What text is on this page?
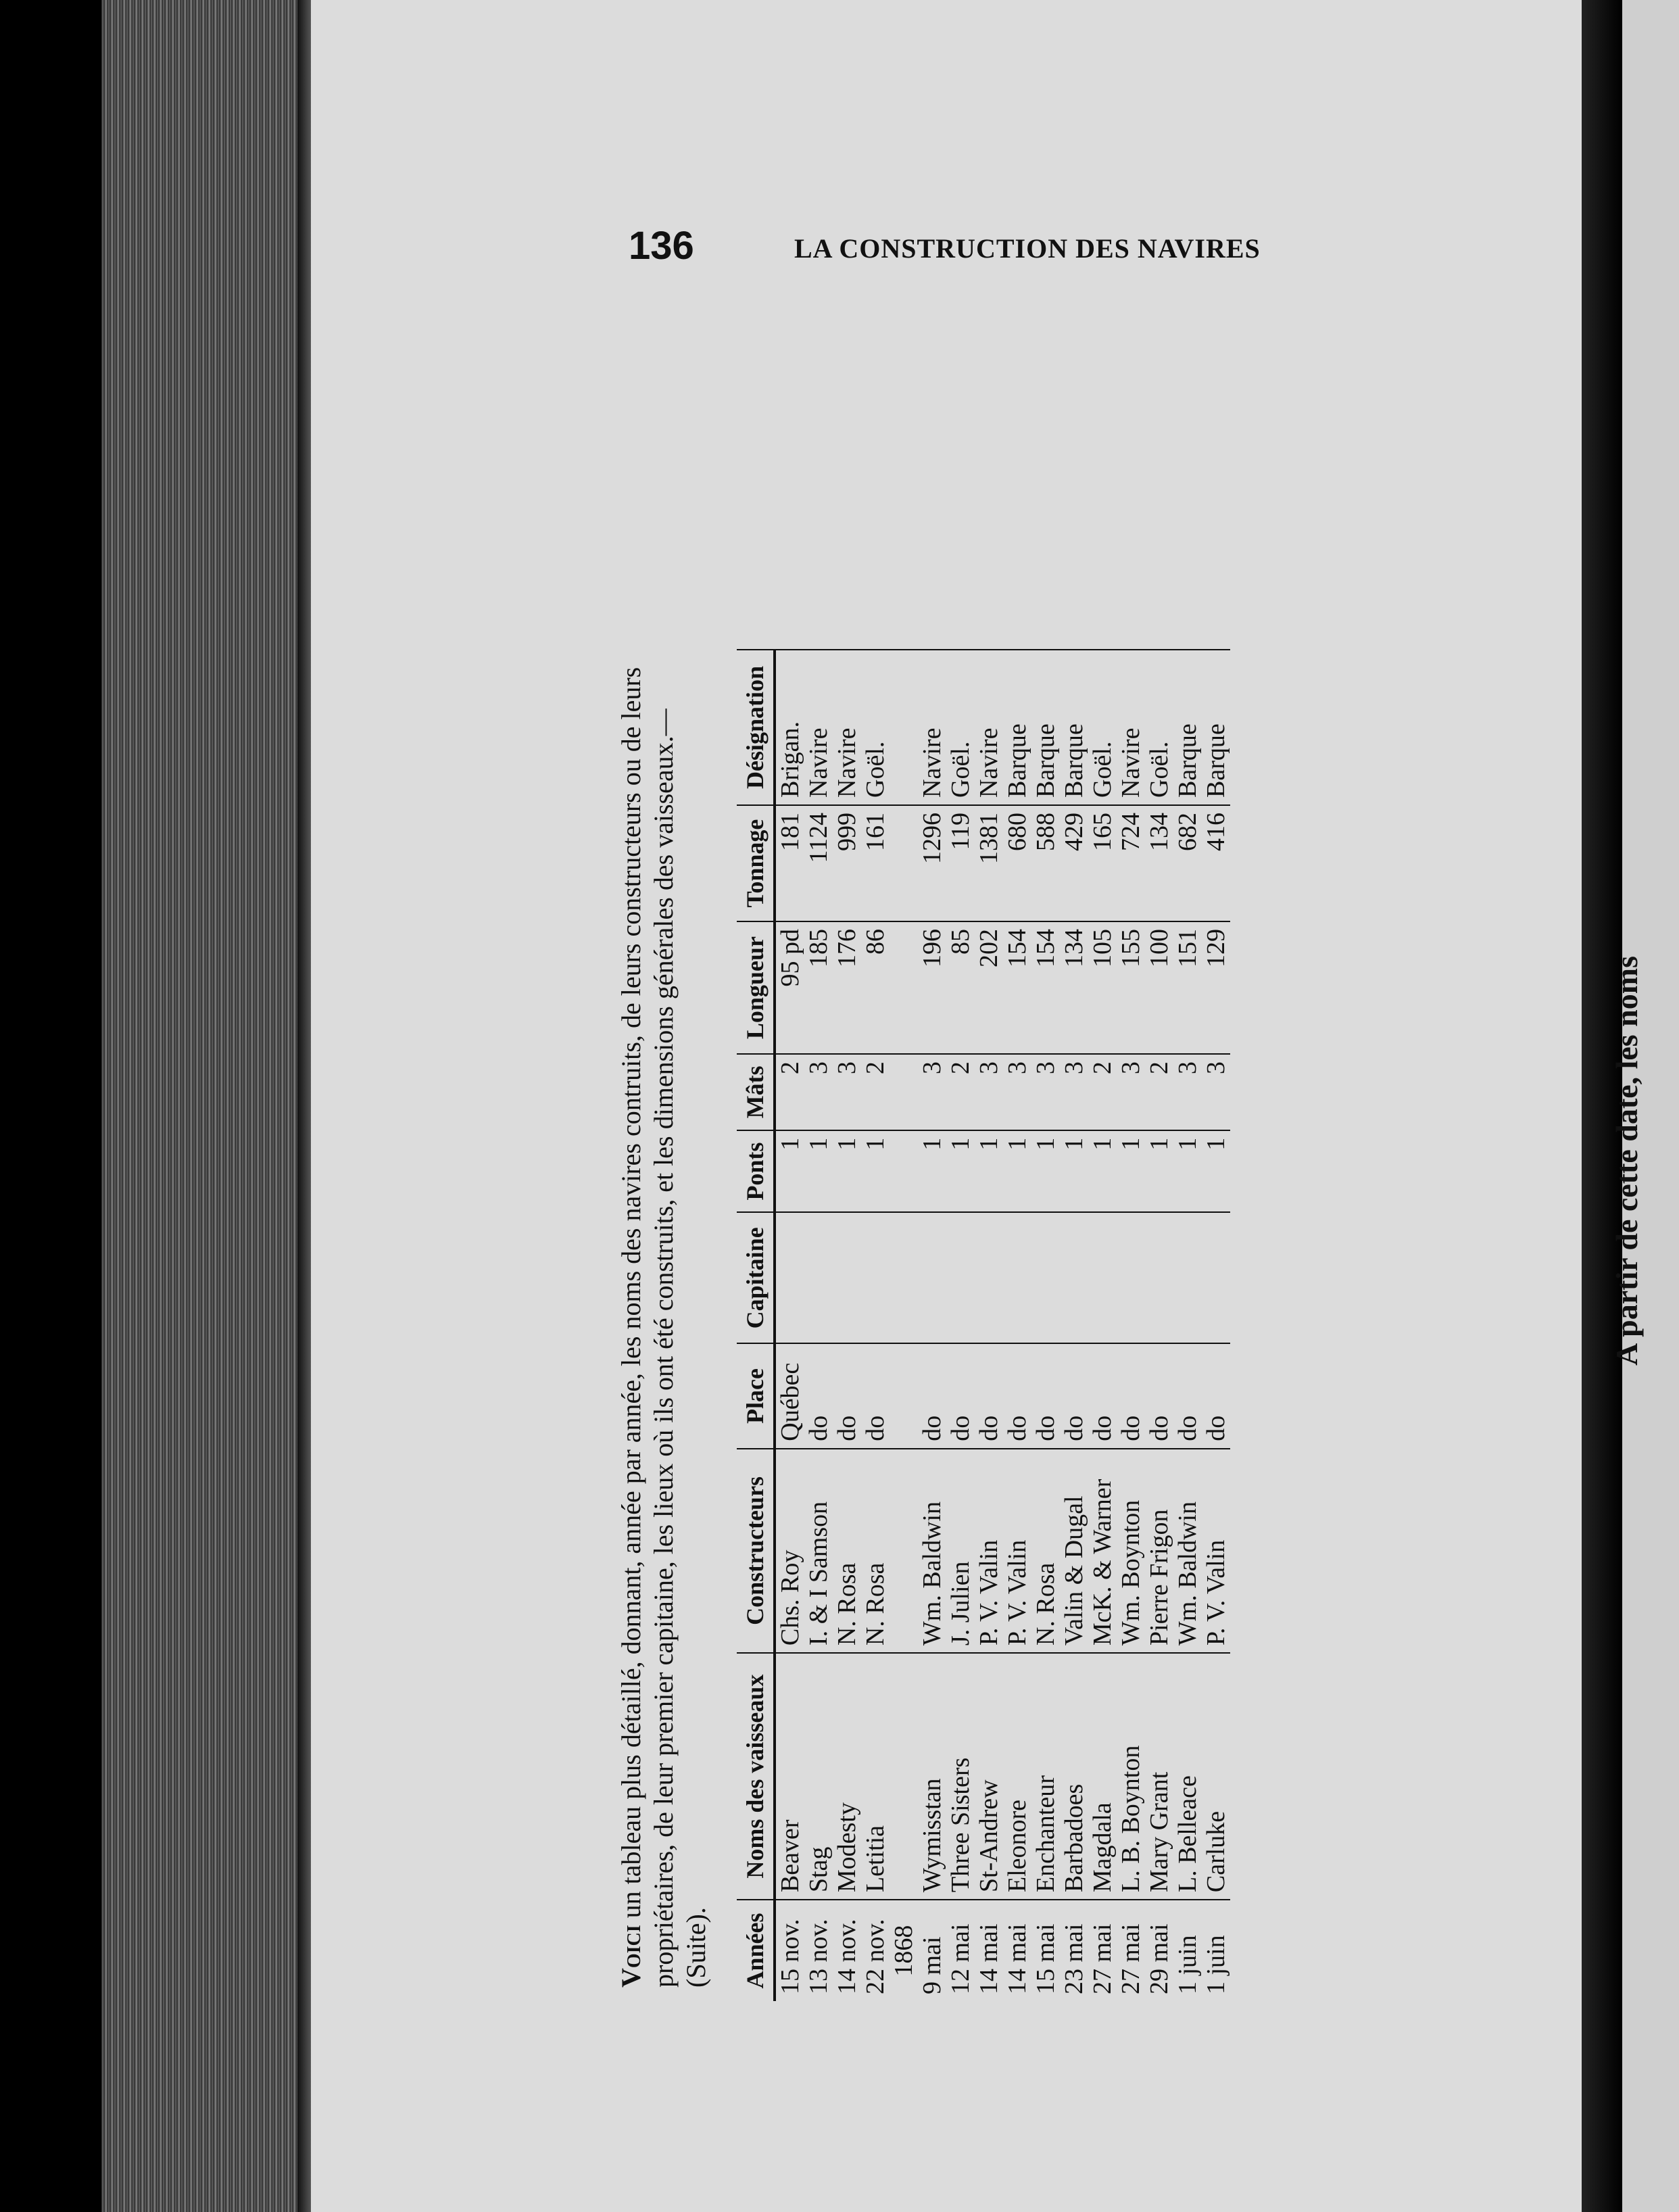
Voici un tableau plus détaillé, donnant, année par année, les noms des navires contruits, de leurs constructeurs ou de leurs propriétaires, de leur premier capitaine, les lieux où ils ont été construits, et les dimensions générales des vaisseaux.—(Suite). Années	Noms des vaisseaux	Constructeurs	Place	Capitaine	Ponts	Mâts	Longueur	Tonnage	Désignation
15 nov.	Beaver	Chs. Roy	Québec		1	2	95 pd	181	Brigan.
13 nov.	Stag	I. & I Samson	do		1	3	185	1124	Navire
14 nov.	Modesty	N. Rosa	do		1	3	176	999	Navire
22 nov.	Letitia	N. Rosa	do		1	2	86	161	Goël.
1868									
9 mai	Wymisstan	Wm. Baldwin	do		1	3	196	1296	Navire
12 mai	Three Sisters	J. Julien	do		1	2	85	119	Goël.
14 mai	St-Andrew	P. V. Valin	do		1	3	202	1381	Navire
14 mai	Eleonore	P. V. Valin	do		1	3	154	680	Barque
15 mai	Enchanteur	N. Rosa	do		1	3	154	588	Barque
23 mai	Barbadoes	Valin & Dugal	do		1	3	134	429	Barque
27 mai	Magdala	McK. & Warner	do		1	2	105	165	Goël.
27 mai	L. B. Boynton	Wm. Boynton	do		1	3	155	724	Navire
29 mai	Mary Grant	Pierre Frigon	do		1	2	100	134	Goël.
1 juin	L. Belleace	Wm. Baldwin	do		1	3	151	682	Barque
1 juin	Carluke	P. V. Valin	do		1	3	129	416	Barque
A partir de cette date, les noms
136	LA CONSTRUCTION DES NAVIRES
